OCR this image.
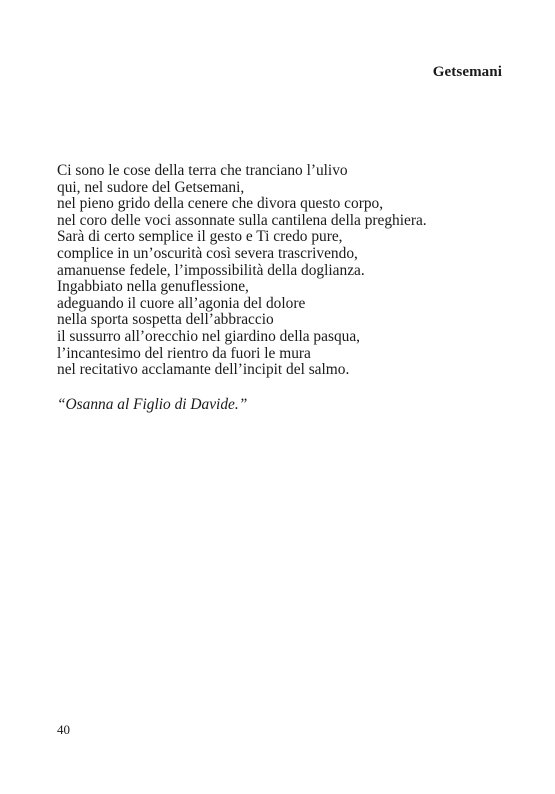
Getsemani
Ci sono le cose della terra che tranciano l’ulivo
qui, nel sudore del Getsemani,
nel pieno grido della cenere che divora questo corpo,
nel coro delle voci assonnate sulla cantilena della preghiera.
Sarà di certo semplice il gesto e Ti credo pure,
complice in un’oscurità così severa trascrivendo,
amanuense fedele, l’impossibilità della doglianza.
Ingabbiato nella genuflessione,
adeguando il cuore all’agonia del dolore
nella sporta sospetta dell’abbraccio
il sussurro all’orecchio nel giardino della pasqua,
l’incantesimo del rientro da fuori le mura
nel recitativo acclamante dell’incipit del salmo.
“Osanna al Figlio di Davide.”
40
